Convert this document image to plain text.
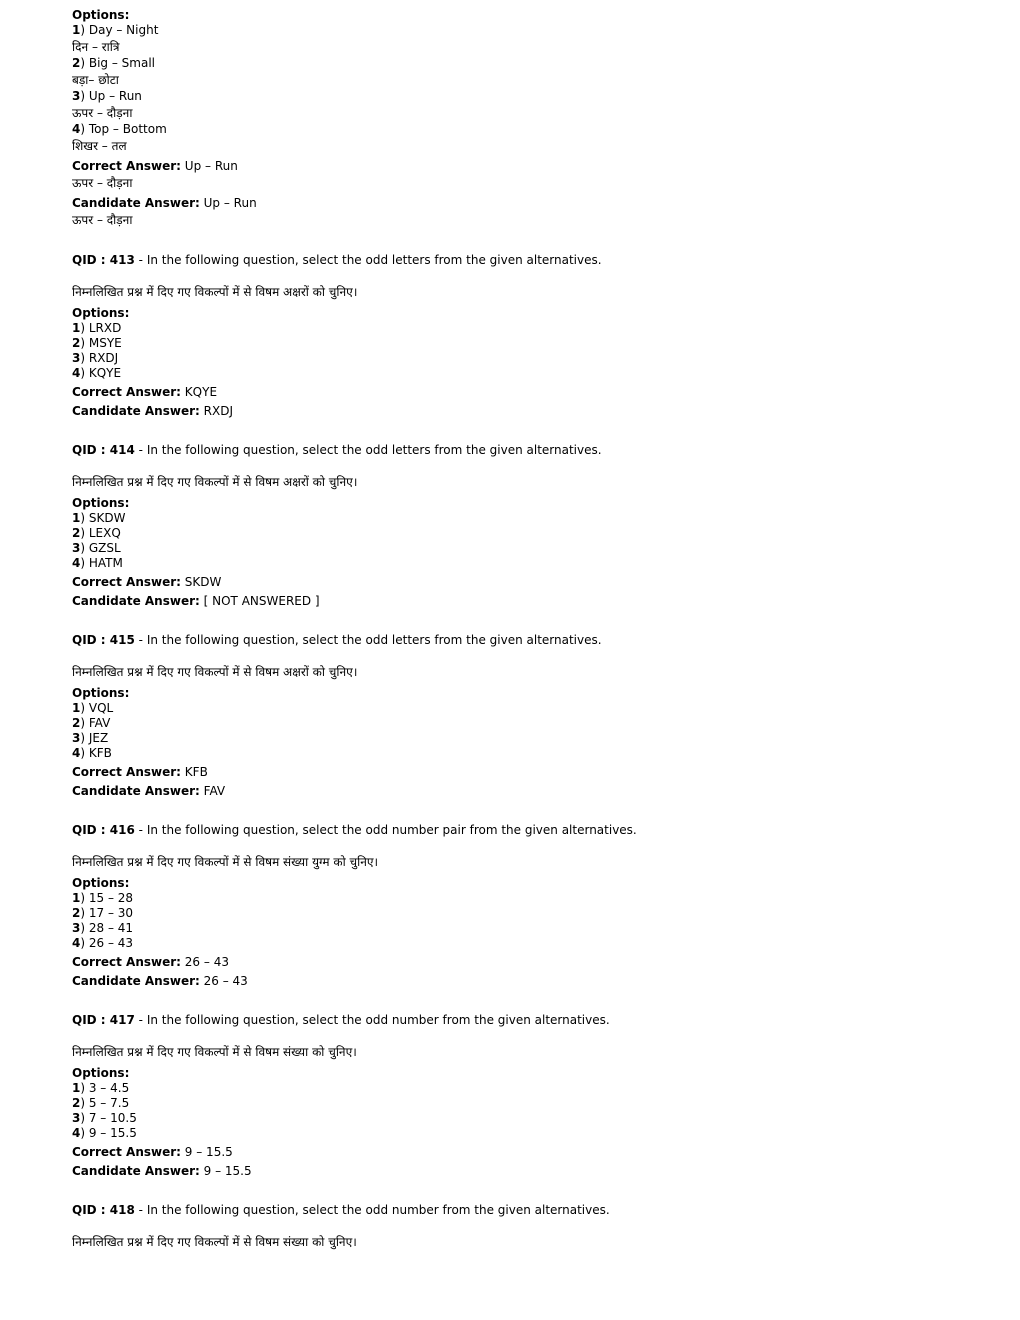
Options:
1) Day – Night
दिन – रात्रि
2) Big – Small
बड़ा– छोटा
3) Up – Run
ऊपर – दौड़ना
4) Top – Bottom
शिखर – तल
Correct Answer: Up – Run
ऊपर – दौड़ना
Candidate Answer: Up – Run
ऊपर – दौड़ना
QID : 413 - In the following question, select the odd letters from the given alternatives.
निम्नलिखित प्रश्न में दिए गए विकल्पों में से विषम अक्षरों को चुनिए।
Options:
1) LRXD
2) MSYE
3) RXDJ
4) KQYE
Correct Answer: KQYE
Candidate Answer: RXDJ
QID : 414 - In the following question, select the odd letters from the given alternatives.
निम्नलिखित प्रश्न में दिए गए विकल्पों में से विषम अक्षरों को चुनिए।
Options:
1) SKDW
2) LEXQ
3) GZSL
4) HATM
Correct Answer: SKDW
Candidate Answer: [ NOT ANSWERED ]
QID : 415 - In the following question, select the odd letters from the given alternatives.
निम्नलिखित प्रश्न में दिए गए विकल्पों में से विषम अक्षरों को चुनिए।
Options:
1) VQL
2) FAV
3) JEZ
4) KFB
Correct Answer: KFB
Candidate Answer: FAV
QID : 416 - In the following question, select the odd number pair from the given alternatives.
निम्नलिखित प्रश्न में दिए गए विकल्पों में से विषम संख्या युग्म को चुनिए।
Options:
1) 15 – 28
2) 17 – 30
3) 28 – 41
4) 26 – 43
Correct Answer: 26 – 43
Candidate Answer: 26 – 43
QID : 417 - In the following question, select the odd number from the given alternatives.
निम्नलिखित प्रश्न में दिए गए विकल्पों में से विषम संख्या को चुनिए।
Options:
1) 3 – 4.5
2) 5 – 7.5
3) 7 – 10.5
4) 9 – 15.5
Correct Answer: 9 – 15.5
Candidate Answer: 9 – 15.5
QID : 418 - In the following question, select the odd number from the given alternatives.
निम्नलिखित प्रश्न में दिए गए विकल्पों में से विषम संख्या को चुनिए।
